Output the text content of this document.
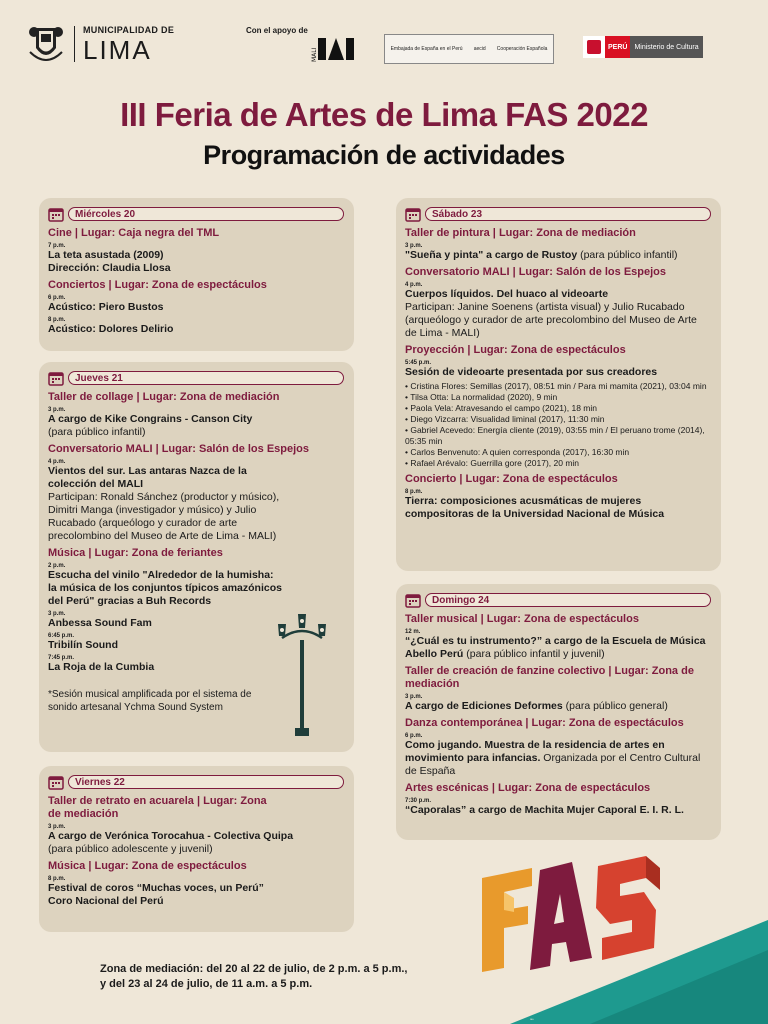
MUNICIPALIDAD DE
LIMA
Con el apoyo de
MALI	Embajada de España en el Perú aecid Cooperación Española	PERÚ	Ministerio de Cultura
III Feria de Artes de Lima FAS 2022
Programación de actividades
Miércoles 20
Cine | Lugar: Caja negra del TML
7 p.m.
La teta asustada (2009)
Dirección: Claudia Llosa
Conciertos | Lugar: Zona de espectáculos
6 p.m.
Acústico: Piero Bustos
8 p.m.
Acústico: Dolores Delirio
Jueves 21
Taller de collage | Lugar: Zona de mediación
3 p.m.
A cargo de Kike Congrains - Canson City
(para público infantil)
Conversatorio MALI | Lugar: Salón de los Espejos
4 p.m.
Vientos del sur. Las antaras Nazca de la colección del MALI
Participan: Ronald Sánchez (productor y músico), Dimitri Manga (investigador y músico) y Julio Rucabado (arqueólogo y curador de arte precolombino del Museo de Arte de Lima - MALI)
Música | Lugar: Zona de feriantes
2 p.m.
Escucha del vinilo "Alrededor de la humisha: la música de los conjuntos típicos amazónicos del Perú" gracias a Buh Records
3 p.m.
Anbessa Sound Fam
6:45 p.m.
Tribilín Sound
7:45 p.m.
La Roja de la Cumbia
*Sesión musical amplificada por el sistema de sonido artesanal Ychma Sound System
Viernes 22
Taller de retrato en acuarela | Lugar: Zona de mediación
3 p.m.
A cargo de Verónica Torocahua - Colectiva Quipa
(para público adolescente y juvenil)
Música | Lugar: Zona de espectáculos
8 p.m.
Festival de coros “Muchas voces, un Perú”
Coro Nacional del Perú
Sábado 23
Taller de pintura | Lugar: Zona de mediación
3 p.m.
"Sueña y pinta" a cargo de Rustoy (para público infantil)
Conversatorio MALI | Lugar: Salón de los Espejos
4 p.m.
Cuerpos líquidos. Del huaco al videoarte
Participan: Janine Soenens (artista visual) y Julio Rucabado (arqueólogo y curador de arte precolombino del Museo de Arte de Lima - MALI)
Proyección | Lugar: Zona de espectáculos
5:45 p.m.
Sesión de videoarte presentada por sus creadores
• Cristina Flores: Semillas (2017), 08:51 min / Para mi mamita (2021), 03:04 min
• Tilsa Otta: La normalidad (2020), 9 min
• Paola Vela: Atravesando el campo (2021), 18 min
• Diego Vizcarra: Visualidad liminal (2017), 11:30 min
• Gabriel Acevedo: Energía cliente (2019), 03:55 min / El peruano trome (2014), 05:35 min
• Carlos Benvenuto: A quien corresponda (2017), 16:30 min
• Rafael Arévalo: Guerrilla gore (2017), 20 min
Concierto | Lugar: Zona de espectáculos
8 p.m.
Tierra: composiciones acusmáticas de mujeres compositoras de la Universidad Nacional de Música
Domingo 24
Taller musical | Lugar: Zona de espectáculos
12 m.
“¿Cuál es tu instrumento?” a cargo de la Escuela de Música Abello Perú (para público infantil y juvenil)
Taller de creación de fanzine colectivo | Lugar: Zona de mediación
3 p.m.
A cargo de Ediciones Deformes (para público general)
Danza contemporánea | Lugar: Zona de espectáculos
6 p.m.
Como jugando. Muestra de la residencia de artes en movimiento para infancias. Organizada por el Centro Cultural de España
Artes escénicas | Lugar: Zona de espectáculos
7:30 p.m.
“Caporalas” a cargo de Machita Mujer Caporal E. I. R. L.
Zona de mediación: del 20 al 22 de julio, de 2 p.m. a 5 p.m.,
y del 23 al 24 de julio, de 11 a.m. a 5 p.m.
FAS
